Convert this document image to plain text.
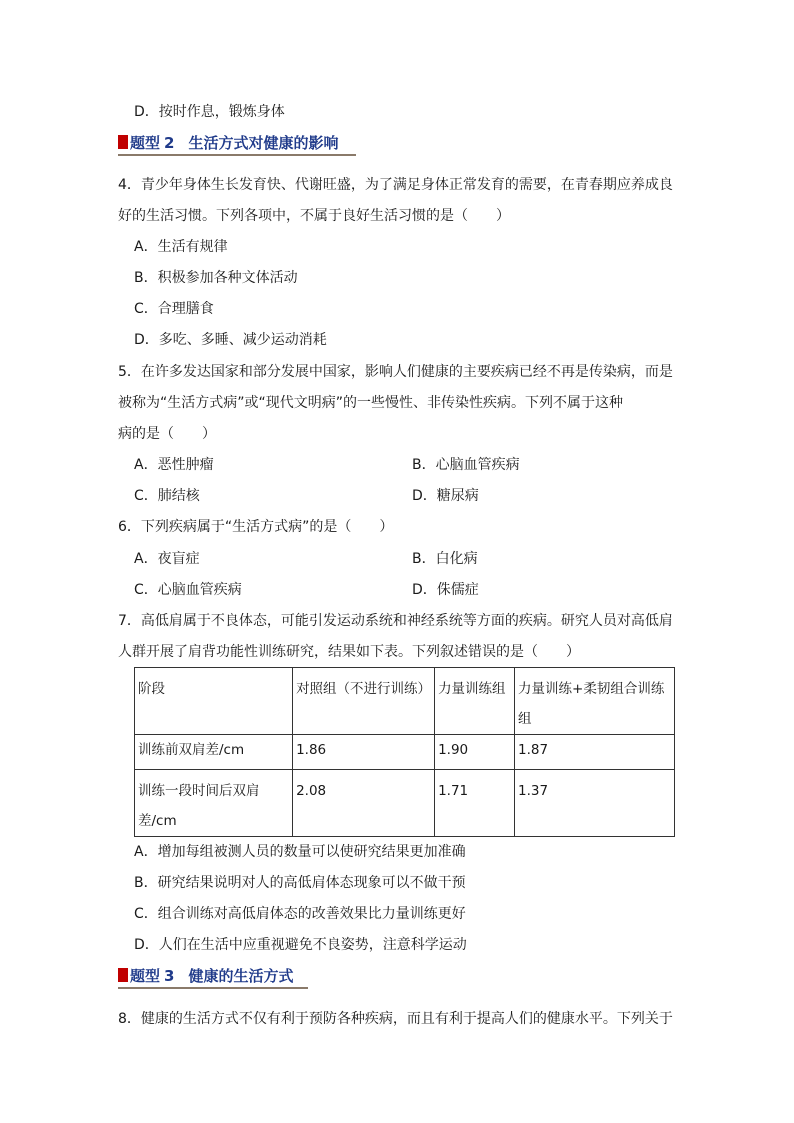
D．按时作息，锻炼身体
题型 2 生活方式对健康的影响
4．青少年身体生长发育快、代谢旺盛，为了满足身体正常发育的需要，在青春期应养成良
好的生活习惯。下列各项中，不属于良好生活习惯的是（　　）
A．生活有规律
B．积极参加各种文体活动
C．合理膳食
D．多吃、多睡、减少运动消耗
5．在许多发达国家和部分发展中国家，影响人们健康的主要疾病已经不再是传染病，而是
被称为“生活方式病”或“现代文明病”的一些慢性、非传染性疾病。下列不属于这种
病的是（　　）
A．恶性肿瘤	B．心脑血管疾病
C．肺结核	D．糖尿病
6．下列疾病属于“生活方式病”的是（　　）
A．夜盲症	B．白化病
C．心脑血管疾病	D．侏儒症
7．高低肩属于不良体态，可能引发运动系统和神经系统等方面的疾病。研究人员对高低肩
人群开展了肩背功能性训练研究，结果如下表。下列叙述错误的是（　　）
阶段	对照组（不进行训练）	力量训练组	力量训练+柔韧组合训练组
训练前双肩差/cm	1.86	1.90	1.87
训练一段时间后双肩差/cm	2.08	1.71	1.37
A．增加每组被测人员的数量可以使研究结果更加准确
B．研究结果说明对人的高低肩体态现象可以不做干预
C．组合训练对高低肩体态的改善效果比力量训练更好
D．人们在生活中应重视避免不良姿势，注意科学运动
题型 3 健康的生活方式
8．健康的生活方式不仅有利于预防各种疾病，而且有利于提高人们的健康水平。下列关于
